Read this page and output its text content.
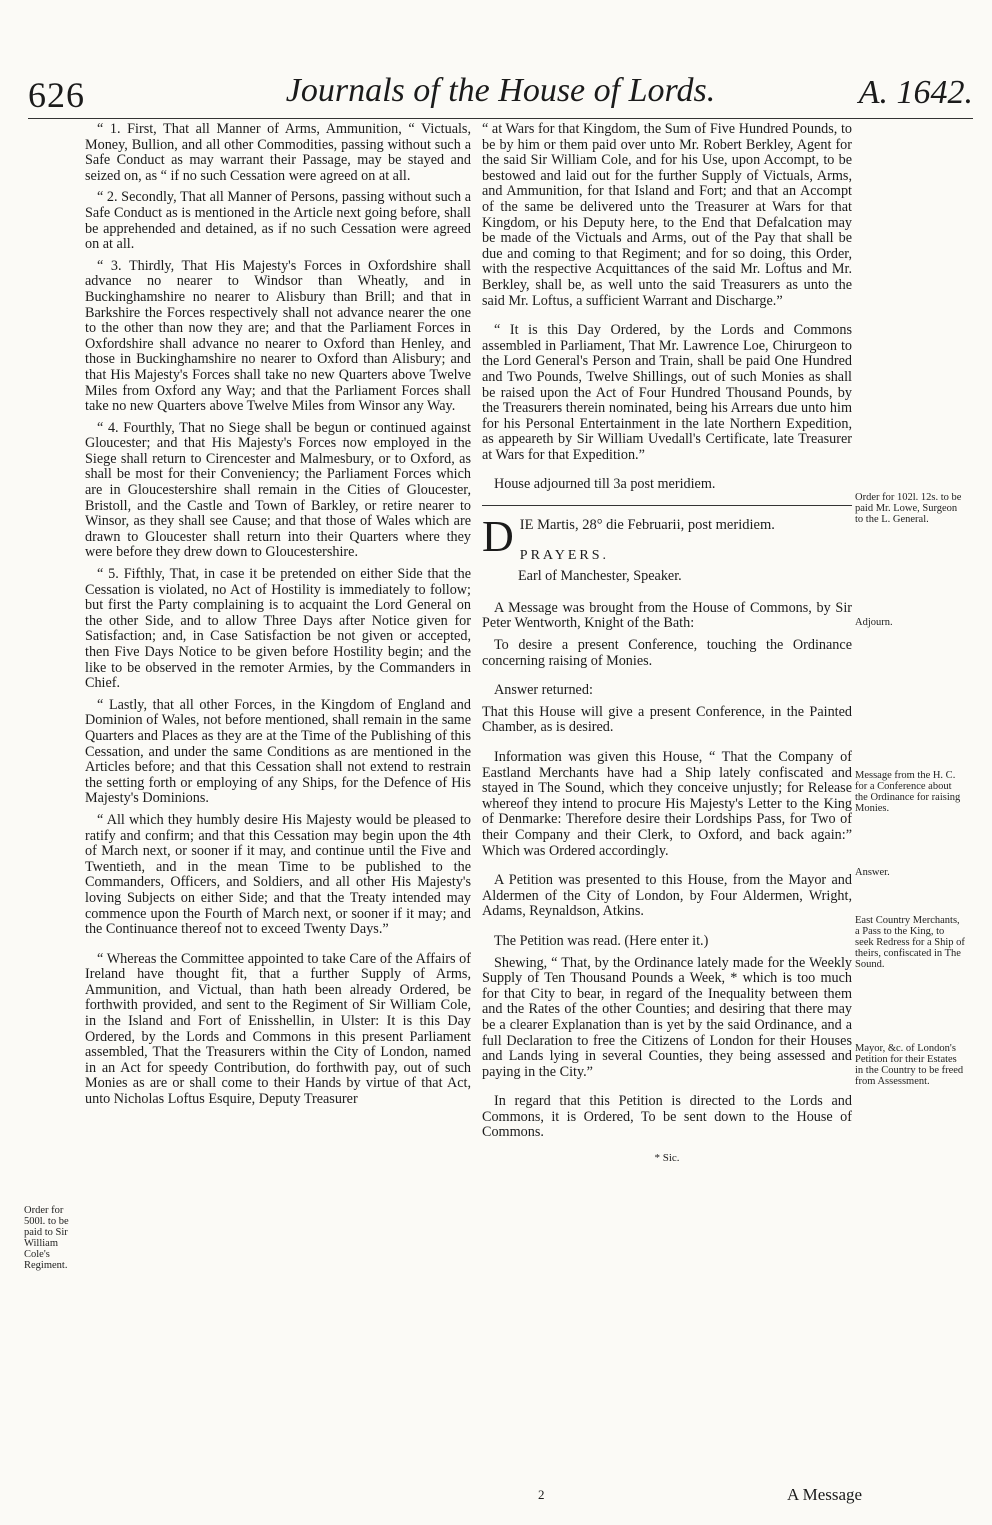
626	Journals of the House of Lords.	A. 1642.

“ 1. First, That all Manner of Arms, Ammunition, “ Victuals, Money, Bullion, and all other Commodities, passing without such a Safe Conduct as may warrant their Passage, may be stayed and seized on, as “ if no such Cessation were agreed on at all.

“ 2. Secondly, That all Manner of Persons, passing without such a Safe Conduct as is mentioned in the Article next going before, shall be apprehended and detained, as if no such Cessation were agreed on at all.

“ 3. Thirdly, That His Majesty's Forces in Oxfordshire shall advance no nearer to Windsor than Wheatly, and in Buckinghamshire no nearer to Alisbury than Brill; and that in Barkshire the Forces respectively shall not advance nearer the one to the other than now they are; and that the Parliament Forces in Oxfordshire shall advance no nearer to Oxford than Henley, and those in Buckinghamshire no nearer to Oxford than Alisbury; and that His Majesty's Forces shall take no new Quarters above Twelve Miles from Oxford any Way; and that the Parliament Forces shall take no new Quarters above Twelve Miles from Winsor any Way.

“ 4. Fourthly, That no Siege shall be begun or continued against Gloucester; and that His Majesty's Forces now employed in the Siege shall return to Cirencester and Malmesbury, or to Oxford, as shall be most for their Conveniency; the Parliament Forces which are in Gloucestershire shall remain in the Cities of Gloucester, Bristoll, and the Castle and Town of Barkley, or retire nearer to Winsor, as they shall see Cause; and that those of Wales which are drawn to Gloucester shall return into their Quarters where they were before they drew down to Gloucestershire.

“ 5. Fifthly, That, in case it be pretended on either Side that the Cessation is violated, no Act of Hostility is immediately to follow; but first the Party complaining is to acquaint the Lord General on the other Side, and to allow Three Days after Notice given for Satisfaction; and, in Case Satisfaction be not given or accepted, then Five Days Notice to be given before Hostility begin; and the like to be observed in the remoter Armies, by the Commanders in Chief.

“ Lastly, that all other Forces, in the Kingdom of England and Dominion of Wales, not before mentioned, shall remain in the same Quarters and Places as they are at the Time of the Publishing of this Cessation, and under the same Conditions as are mentioned in the Articles before; and that this Cessation shall not extend to restrain the setting forth or employing of any Ships, for the Defence of His Majesty's Dominions.

“ All which they humbly desire His Majesty would be pleased to ratify and confirm; and that this Cessation may begin upon the 4th of March next, or sooner if it may, and continue until the Five and Twentieth, and in the mean Time to be published to the Commanders, Officers, and Soldiers, and all other His Majesty's loving Subjects on either Side; and that the Treaty intended may commence upon the Fourth of March next, or sooner if it may; and the Continuance thereof not to exceed Twenty Days.”

“ Whereas the Committee appointed to take Care of the Affairs of Ireland have thought fit, that a further Supply of Arms, Ammunition, and Victual, than hath been already Ordered, be forthwith provided, and sent to the Regiment of Sir William Cole, in the Island and Fort of Enisshellin, in Ulster: It is this Day Ordered, by the Lords and Commons in this present Parliament assembled, That the Treasurers within the City of London, named in an Act for speedy Contribution, do forthwith pay, out of such Monies as are or shall come to their Hands by virtue of that Act, unto Nicholas Loftus Esquire, Deputy Treasurer

“ at Wars for that Kingdom, the Sum of Five Hundred Pounds, to be by him or them paid over unto Mr. Robert Berkley, Agent for the said Sir William Cole, and for his Use, upon Accompt, to be bestowed and laid out for the further Supply of Victuals, Arms, and Ammunition, for that Island and Fort; and that an Accompt of the same be delivered unto the Treasurer at Wars for that Kingdom, or his Deputy here, to the End that Defalcation may be made of the Victuals and Arms, out of the Pay that shall be due and coming to that Regiment; and for so doing, this Order, with the respective Acquittances of the said Mr. Loftus and Mr. Berkley, shall be, as well unto the said Treasurers as unto the said Mr. Loftus, a sufficient Warrant and Discharge.”

“ It is this Day Ordered, by the Lords and Commons assembled in Parliament, That Mr. Lawrence Loe, Chirurgeon to the Lord General's Person and Train, shall be paid One Hundred and Two Pounds, Twelve Shillings, out of such Monies as shall be raised upon the Act of Four Hundred Thousand Pounds, by the Treasurers therein nominated, being his Arrears due unto him for his Personal Entertainment in the late Northern Expedition, as appeareth by Sir William Uvedall's Certificate, late Treasurer at Wars for that Expedition.”

House adjourned till 3a post meridiem.

D IE Martis, 28° die Februarii, post meridiem.
PRAYERS.
Earl of Manchester, Speaker.

A Message was brought from the House of Commons, by Sir Peter Wentworth, Knight of the Bath:

To desire a present Conference, touching the Ordinance concerning raising of Monies.

Answer returned:

That this House will give a present Conference, in the Painted Chamber, as is desired.

Information was given this House, “ That the Company of Eastland Merchants have had a Ship lately confiscated and stayed in The Sound, which they conceive unjustly; for Release whereof they intend to procure His Majesty's Letter to the King of Denmarke: Therefore desire their Lordships Pass, for Two of their Company and their Clerk, to Oxford, and back again:” Which was Ordered accordingly.

A Petition was presented to this House, from the Mayor and Aldermen of the City of London, by Four Aldermen, Wright, Adams, Reynaldson, Atkins.

The Petition was read. (Here enter it.)

Shewing, “ That, by the Ordinance lately made for the Weekly Supply of Ten Thousand Pounds a Week, * which is too much for that City to bear, in regard of the Inequality between them and the Rates of the other Counties; and desiring that there may be a clearer Explanation than is yet by the said Ordinance, and a full Declaration to free the Citizens of London for their Houses and Lands lying in several Counties, they being assessed and paying in the City.”

In regard that this Petition is directed to the Lords and Commons, it is Ordered, To be sent down to the House of Commons.

* Sic.
Order for 500l. to be paid to Sir William Cole's Regiment.
Order for 102l. 12s. to be paid Mr. Lowe, Surgeon to the L. General.
Adjourn.
Message from the H. C. for a Conference about the Ordinance for raising Monies.
Answer.
East Country Merchants, a Pass to the King, to seek Redress for a Ship of theirs, confiscated in The Sound.
Mayor, &c. of London's Petition for their Estates in the Country to be freed from Assessment.
2	A Message
